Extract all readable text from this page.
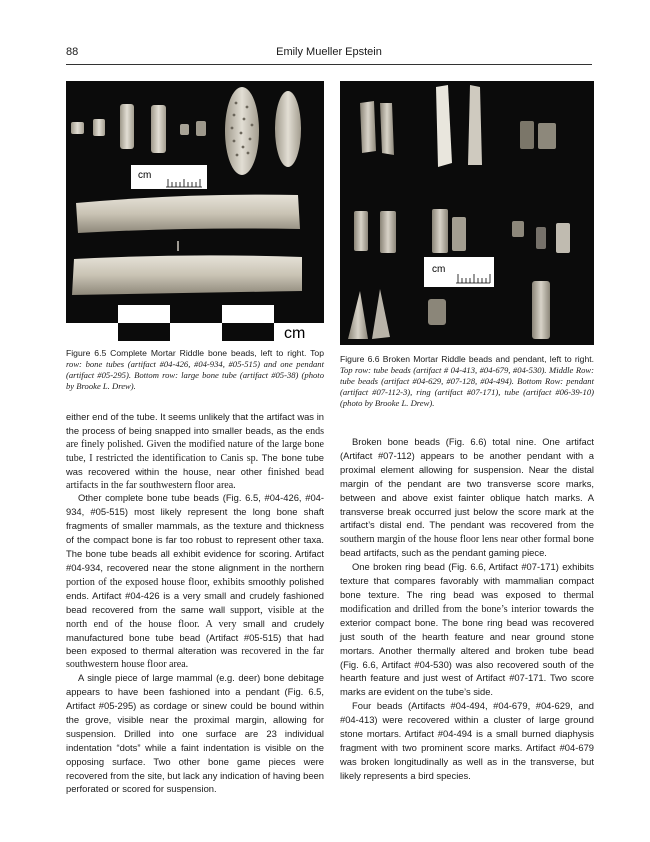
88	Emily Mueller Epstein
cm
cm
cm
Figure 6.5 Complete Mortar Riddle bone beads, left to right. Top row: bone tubes (artifact #04-426, #04-934, #05-515) and one pendant (artifact #05-295). Bottom row: large bone tube (artifact #05-38) (photo by Brooke L. Drew).
Figure 6.6 Broken Mortar Riddle beads and pendant, left to right. Top row: tube beads (artifact # 04-413, #04-679, #04-530). Middle Row: tube beads (artifact #04-629, #07-128, #04-494). Bottom Row: pendant (artifact #07-112-3), ring (artifact #07-171), tube (artifact #06-39-10) (photo by Brooke L. Drew).

either end of the tube. It seems unlikely that the artifact was in the process of being snapped into smaller beads, as the ends are finely polished. Given the modified nature of the large bone tube, I restricted the identification to Canis sp. The bone tube was recovered within the house, near other finished bead artifacts in the far southwestern floor area.

Other complete bone tube beads (Fig. 6.5, #04-426, #04-934, #05-515) most likely represent the long bone shaft fragments of smaller mammals, as the texture and thickness of the compact bone is far too robust to represent other taxa. The bone tube beads all exhibit evidence for scoring. Artifact #04-934, recovered near the stone alignment in the northern portion of the exposed house floor, exhibits smoothly polished ends. Artifact #04-426 is a very small and crudely fashioned bead recovered from the same wall support, visible at the north end of the house floor. A very small and crudely manufactured bone tube bead (Artifact #05-515) that had been exposed to thermal alteration was recovered in the far southwestern house floor area.

A single piece of large mammal (e.g. deer) bone debitage appears to have been fashioned into a pendant (Fig. 6.5, Artifact #05-295) as cordage or sinew could be bound within the grove, visible near the proximal margin, allowing for suspension. Drilled into one surface are 23 individual indentation “dots” while a faint indentation is visible on the opposing surface. Two other bone game pieces were recovered from the site, but lack any indication of having been perforated or scored for suspension.

Broken bone beads (Fig. 6.6) total nine. One artifact (Artifact #07-112) appears to be another pendant with a proximal element allowing for suspension. Near the distal margin of the pendant are two transverse score marks, between and above exist fainter oblique hatch marks. A transverse break occurred just below the score mark at the artifact’s distal end. The pendant was recovered from the southern margin of the house floor lens near other formal bone bead artifacts, such as the pendant gaming piece.

One broken ring bead (Fig. 6.6, Artifact #07-171) exhibits texture that compares favorably with mammalian compact bone texture. The ring bead was exposed to thermal modification and drilled from the bone’s interior towards the exterior compact bone. The bone ring bead was recovered just south of the hearth feature and near ground stone mortars. Another thermally altered and broken tube bead (Fig. 6.6, Artifact #04-530) was also recovered south of the hearth feature and just west of Artifact #07-171. Two score marks are evident on the tube’s side.

Four beads (Artifacts #04-494, #04-679, #04-629, and #04-413) were recovered within a cluster of large ground stone mortars. Artifact #04-494 is a small burned diaphysis fragment with two prominent score marks. Artifact #04-679 was broken longitudinally as well as in the transverse, but likely represents a bird species.
